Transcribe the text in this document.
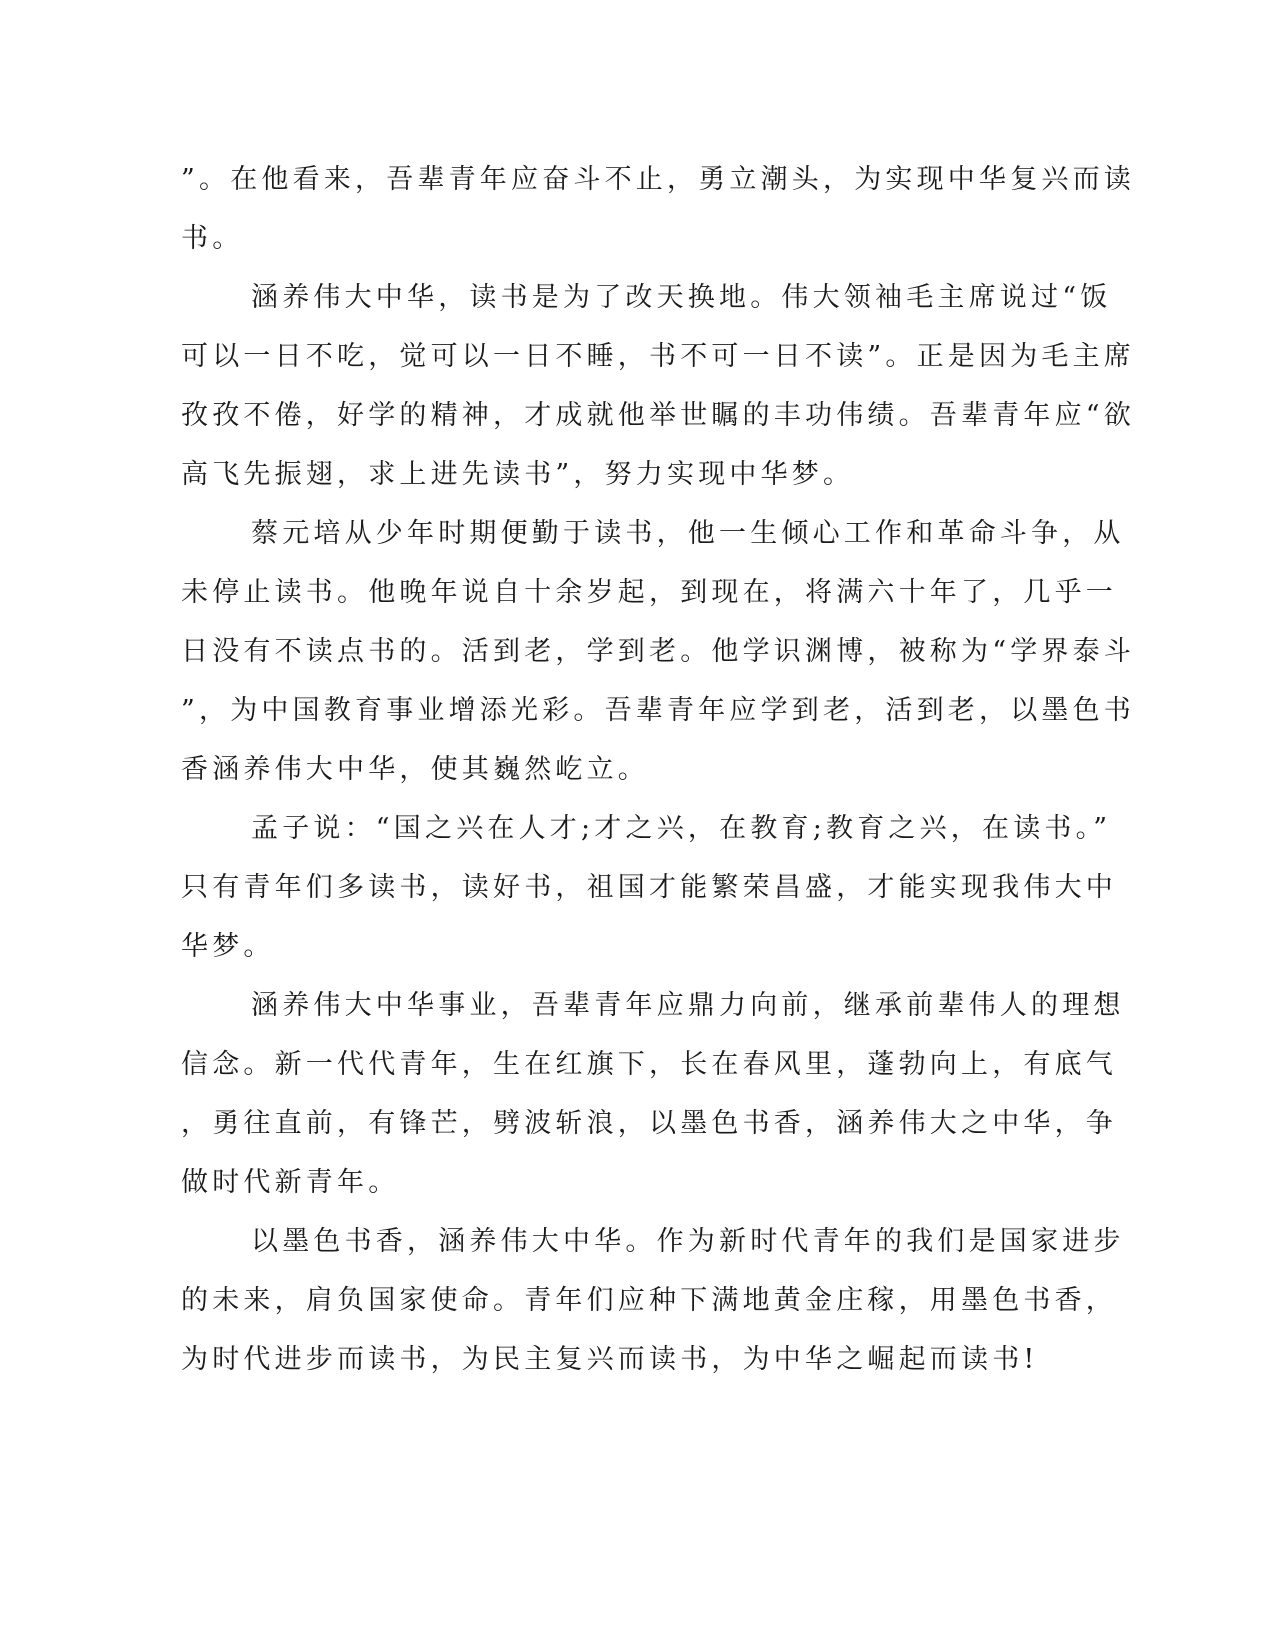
”。在他看来，吾辈青年应奋斗不止，勇立潮头，为实现中华复兴而读
书。
涵养伟大中华，读书是为了改天换地。伟大领袖毛主席说过“饭
可以一日不吃，觉可以一日不睡，书不可一日不读”。正是因为毛主席
孜孜不倦，好学的精神，才成就他举世瞩的丰功伟绩。吾辈青年应“欲
高飞先振翅，求上进先读书”，努力实现中华梦。
蔡元培从少年时期便勤于读书，他一生倾心工作和革命斗争，从
未停止读书。他晚年说自十余岁起，到现在，将满六十年了，几乎一
日没有不读点书的。活到老，学到老。他学识渊博，被称为“学界泰斗
”，为中国教育事业增添光彩。吾辈青年应学到老，活到老，以墨色书
香涵养伟大中华，使其巍然屹立。
孟子说：“国之兴在人才;才之兴，在教育;教育之兴，在读书。”
只有青年们多读书，读好书，祖国才能繁荣昌盛，才能实现我伟大中
华梦。
涵养伟大中华事业，吾辈青年应鼎力向前，继承前辈伟人的理想
信念。新一代代青年，生在红旗下，长在春风里，蓬勃向上，有底气
，勇往直前，有锋芒，劈波斩浪，以墨色书香，涵养伟大之中华，争
做时代新青年。
以墨色书香，涵养伟大中华。作为新时代青年的我们是国家进步
的未来，肩负国家使命。青年们应种下满地黄金庄稼，用墨色书香，
为时代进步而读书，为民主复兴而读书，为中华之崛起而读书!
